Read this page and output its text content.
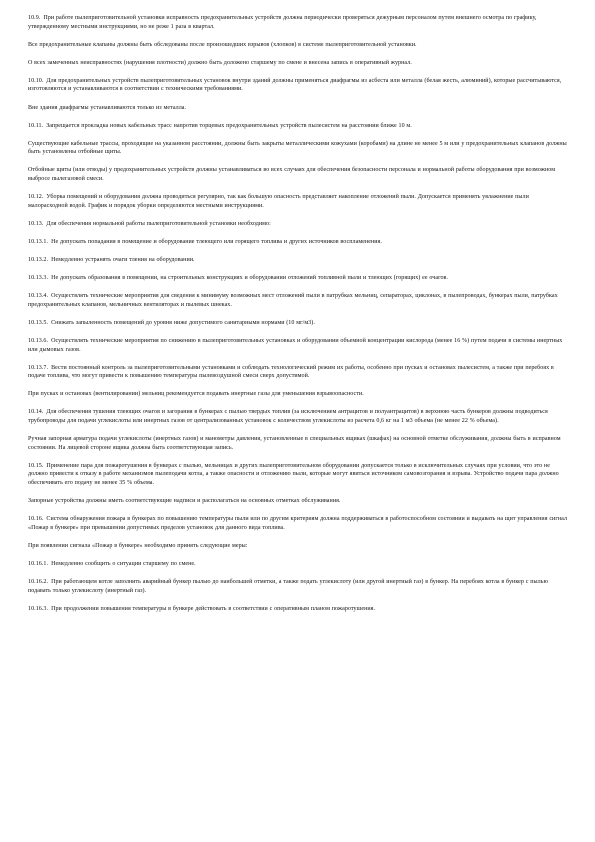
10.9. При работе пылеприготовительной установки исправность предохранительных устройств должна периодически проверяться дежурным персоналом путем внешнего осмотра по графику, утвержденному местными инструкциями, но не реже 1 раза в квартал.

Все предохранительные клапаны должны быть обследованы после произошедших взрывов (хлопков) в системе пылеприготовительной установки.

О всех замеченных неисправностях (нарушения плотности) должно быть доложено старшему по смене и внесена запись в оперативный журнал.

10.10. Для предохранительных устройств пылеприготовительных установок внутри зданий должны применяться диафрагмы из асбеста или металла (белая жесть, алюминий), которые рассчитываются, изготовляются и устанавливаются в соответствии с техническими требованиями.

Вне здания диафрагмы устанавливаются только из металла.

10.11. Запрещается прокладка новых кабельных трасс напротив торцевых предохранительных устройств пылесистем на расстоянии ближе 10 м.

Существующие кабельные трассы, проходящие на указанном расстоянии, должны быть закрыты металлическими кожухами (коробами) на длине не менее 5 м или у предохранительных клапанов должны быть установлены отбойные щиты.

Отбойные щиты (или отводы) у предохранительных устройств должны устанавливаться во всех случаях для обеспечения безопасности персонала и нормальной работы оборудования при возможном выбросе пылегазовой смеси.

10.12. Уборка помещений и оборудования должна проводиться регулярно, так как большую опасность представляет накопление отложений пыли. Допускается применять увлажнение пыли малорасходной водой. График и порядок уборки определяются местными инструкциями.

10.13. Для обеспечения нормальной работы пылеприготовительной установки необходимо:

10.13.1. Не допускать попадания в помещение и оборудование тлеющего или горящего топлива и других источников воспламенения.

10.13.2. Немедленно устранять очаги тления на оборудовании.

10.13.3. Не допускать образования в помещении, на строительных конструкциях и оборудовании отложений топливной пыли и тлеющих (горящих) ее очагов.

10.13.4. Осуществлять технические мероприятия для сведения к минимуму возможных мест отложений пыли в патрубках мельниц, сепараторах, циклонах, в пылепроводах, бункерах пыли, патрубках предохранительных клапанов, мельничных вентиляторах и пылевых шнеках.

10.13.5. Снижать запыленность помещений до уровня ниже допустимого санитарными нормами (10 мг/м3).

10.13.6. Осуществлять технические мероприятия по снижению в пылеприготовительных установках и оборудовании объемной концентрации кислорода (менее 16 %) путем подачи в системы инертных или дымовых газов.

10.13.7. Вести постоянный контроль за пылеприготовительными установками и соблюдать технологический режим их работы, особенно при пусках и остановах пылесистем, а также при перебоях в подаче топлива, что могут привести к повышению температуры пылевоздушной смеси сверх допустимой.

При пусках и остановах (вентилировании) мельниц рекомендуется подавать инертные газы для уменьшения взрывоопасности.

10.14. Для обеспечения тушения тлеющих очагов и загорания в бункерах с пылью твердых топлив (за исключением антрацитов и полуантрацитов) в верхнюю часть бункеров должны подводиться трубопроводы для подачи углекислоты или инертных газов от централизованных установок с количеством углекислоты из расчета 0,6 кг на 1 м3 объема (не менее 22 % объема).

Ручная запорная арматура подачи углекислоты (инертных газов) и манометры давления, установленные в специальных ящиках (шкафах) на основной отметке обслуживания, должны быть в исправном состоянии. На лицевой стороне ящика должна быть соответствующая запись.

10.15. Применение пара для пожаротушения в бункерах с пылью, мельницах и других пылеприготовительном оборудовании допускается только в исключительных случаях при условии, что это не должно привести к отказу в работе механизмов пылеподачи котла, а также опасности и отложению пыли, которые могут явиться источником самовозгорания и взрыва. Устройство подачи пара должно обеспечивать его подачу не менее 35 % объема.

Запорные устройства должны иметь соответствующие надписи и располагаться на основных отметках обслуживания.

10.16. Система обнаружения пожара в бункерах по повышению температуры пыли или по другим критериям должна поддерживаться в работоспособном состоянии и выдавать на щит управления сигнал «Пожар в бункере» при превышении допустимых пределов установок для данного вида топлива.

При появлении сигнала «Пожар в бункере» необходимо принять следующие меры:

10.16.1. Немедленно сообщить о ситуации старшему по смене.

10.16.2. При работающем котле заполнить аварийный бункер пылью до наибольшей отметки, а также подать углекислоту (или другой инертный газ) в бункер. На перебоях котла в бункер с пылью подавать только углекислоту (инертный газ).

10.16.3. При продолжении повышения температуры в бункере действовать в соответствии с оперативным планом пожаротушения.
